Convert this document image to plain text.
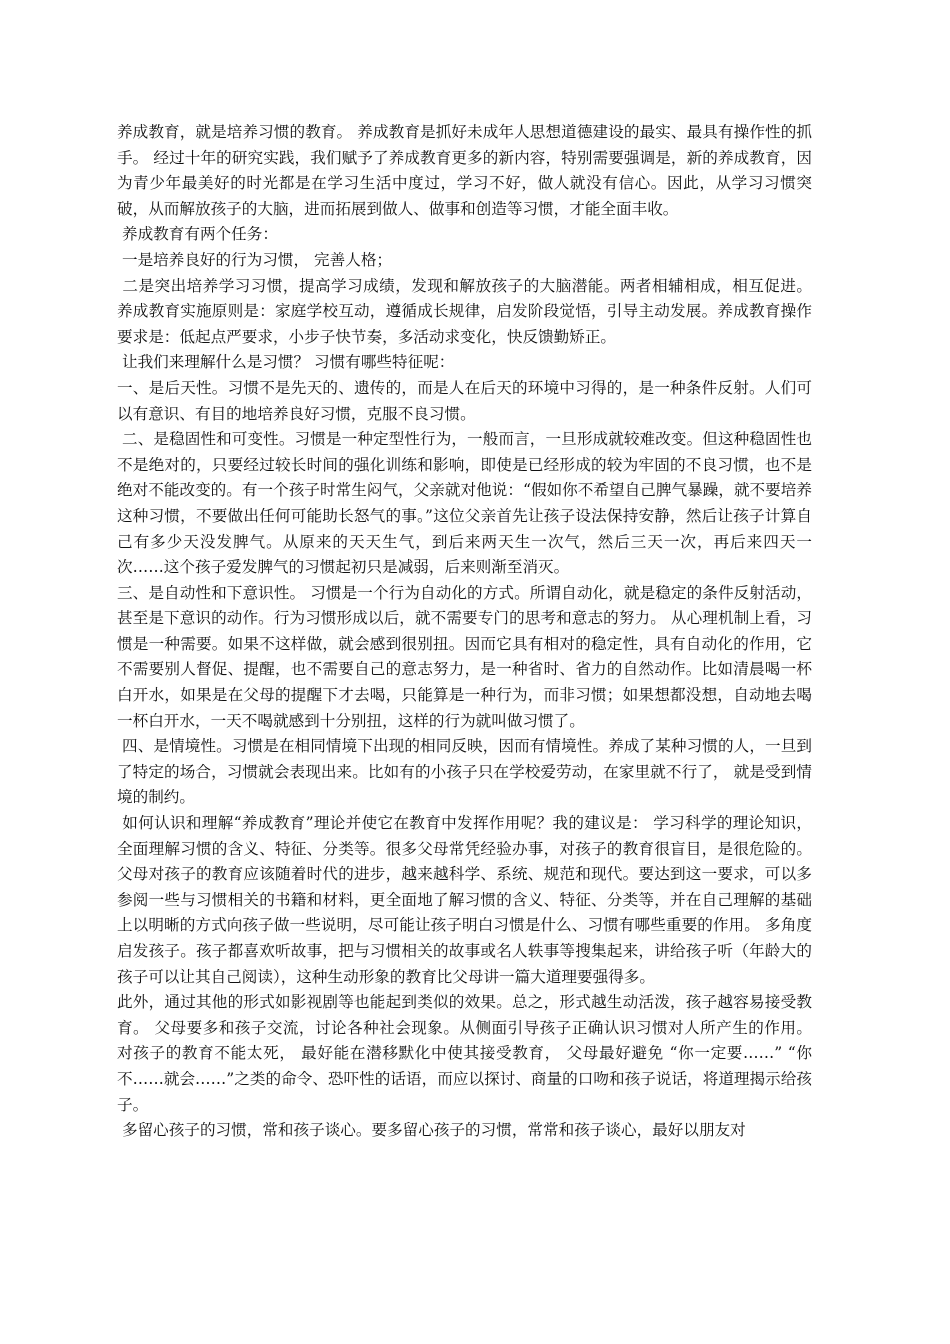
养成教育，就是培养习惯的教育。 养成教育是抓好未成年人思想道德建设的最实、最具有操作性的抓手。 经过十年的研究实践，我们赋予了养成教育更多的新内容，特别需要强调是，新的养成教育，因为青少年最美好的时光都是在学习生活中度过，学习不好，做人就没有信心。因此，从学习习惯突破，从而解放孩子的大脑，进而拓展到做人、做事和创造等习惯，才能全面丰收。

养成教育有两个任务：

一是培养良好的行为习惯， 完善人格；

二是突出培养学习习惯，提高学习成绩，发现和解放孩子的大脑潜能。两者相辅相成，相互促进。 养成教育实施原则是：家庭学校互动，遵循成长规律，启发阶段觉悟，引导主动发展。养成教育操作要求是：低起点严要求，小步子快节奏，多活动求变化，快反馈勤矫正。

让我们来理解什么是习惯？ 习惯有哪些特征呢：

一、是后天性。习惯不是先天的、遗传的，而是人在后天的环境中习得的，是一种条件反射。人们可以有意识、有目的地培养良好习惯，克服不良习惯。

二、是稳固性和可变性。习惯是一种定型性行为，一般而言，一旦形成就较难改变。但这种稳固性也不是绝对的，只要经过较长时间的强化训练和影响，即使是已经形成的较为牢固的不良习惯，也不是绝对不能改变的。有一个孩子时常生闷气，父亲就对他说：“假如你不希望自己脾气暴躁，就不要培养这种习惯，不要做出任何可能助长怒气的事。”这位父亲首先让孩子设法保持安静，然后让孩子计算自己有多少天没发脾气。从原来的天天生气，到后来两天生一次气，然后三天一次，再后来四天一次……这个孩子爱发脾气的习惯起初只是减弱，后来则渐至消灭。

三、是自动性和下意识性。 习惯是一个行为自动化的方式。所谓自动化，就是稳定的条件反射活动，甚至是下意识的动作。行为习惯形成以后，就不需要专门的思考和意志的努力。 从心理机制上看，习惯是一种需要。如果不这样做，就会感到很别扭。因而它具有相对的稳定性，具有自动化的作用，它不需要别人督促、提醒，也不需要自己的意志努力，是一种省时、省力的自然动作。比如清晨喝一杯白开水，如果是在父母的提醒下才去喝，只能算是一种行为，而非习惯；如果想都没想，自动地去喝一杯白开水，一天不喝就感到十分别扭，这样的行为就叫做习惯了。

四、是情境性。习惯是在相同情境下出现的相同反映，因而有情境性。养成了某种习惯的人，一旦到了特定的场合，习惯就会表现出来。比如有的小孩子只在学校爱劳动，在家里就不行了， 就是受到情境的制约。

如何认识和理解“养成教育”理论并使它在教育中发挥作用呢？我的建议是： 学习科学的理论知识，全面理解习惯的含义、特征、分类等。很多父母常凭经验办事，对孩子的教育很盲目，是很危险的。父母对孩子的教育应该随着时代的进步，越来越科学、系统、规范和现代。要达到这一要求，可以多参阅一些与习惯相关的书籍和材料，更全面地了解习惯的含义、特征、分类等，并在自己理解的基础上以明晰的方式向孩子做一些说明，尽可能让孩子明白习惯是什么、习惯有哪些重要的作用。 多角度启发孩子。孩子都喜欢听故事，把与习惯相关的故事或名人轶事等搜集起来，讲给孩子听（年龄大的孩子可以让其自己阅读），这种生动形象的教育比父母讲一篇大道理要强得多。

此外，通过其他的形式如影视剧等也能起到类似的效果。总之，形式越生动活泼，孩子越容易接受教育。 父母要多和孩子交流，讨论各种社会现象。从侧面引导孩子正确认识习惯对人所产生的作用。 对孩子的教育不能太死， 最好能在潜移默化中使其接受教育， 父母最好避免 “你一定要……” “你不……就会……”之类的命令、恐吓性的话语，而应以探讨、商量的口吻和孩子说话，将道理揭示给孩子。

多留心孩子的习惯，常和孩子谈心。要多留心孩子的习惯，常常和孩子谈心，最好以朋友对
